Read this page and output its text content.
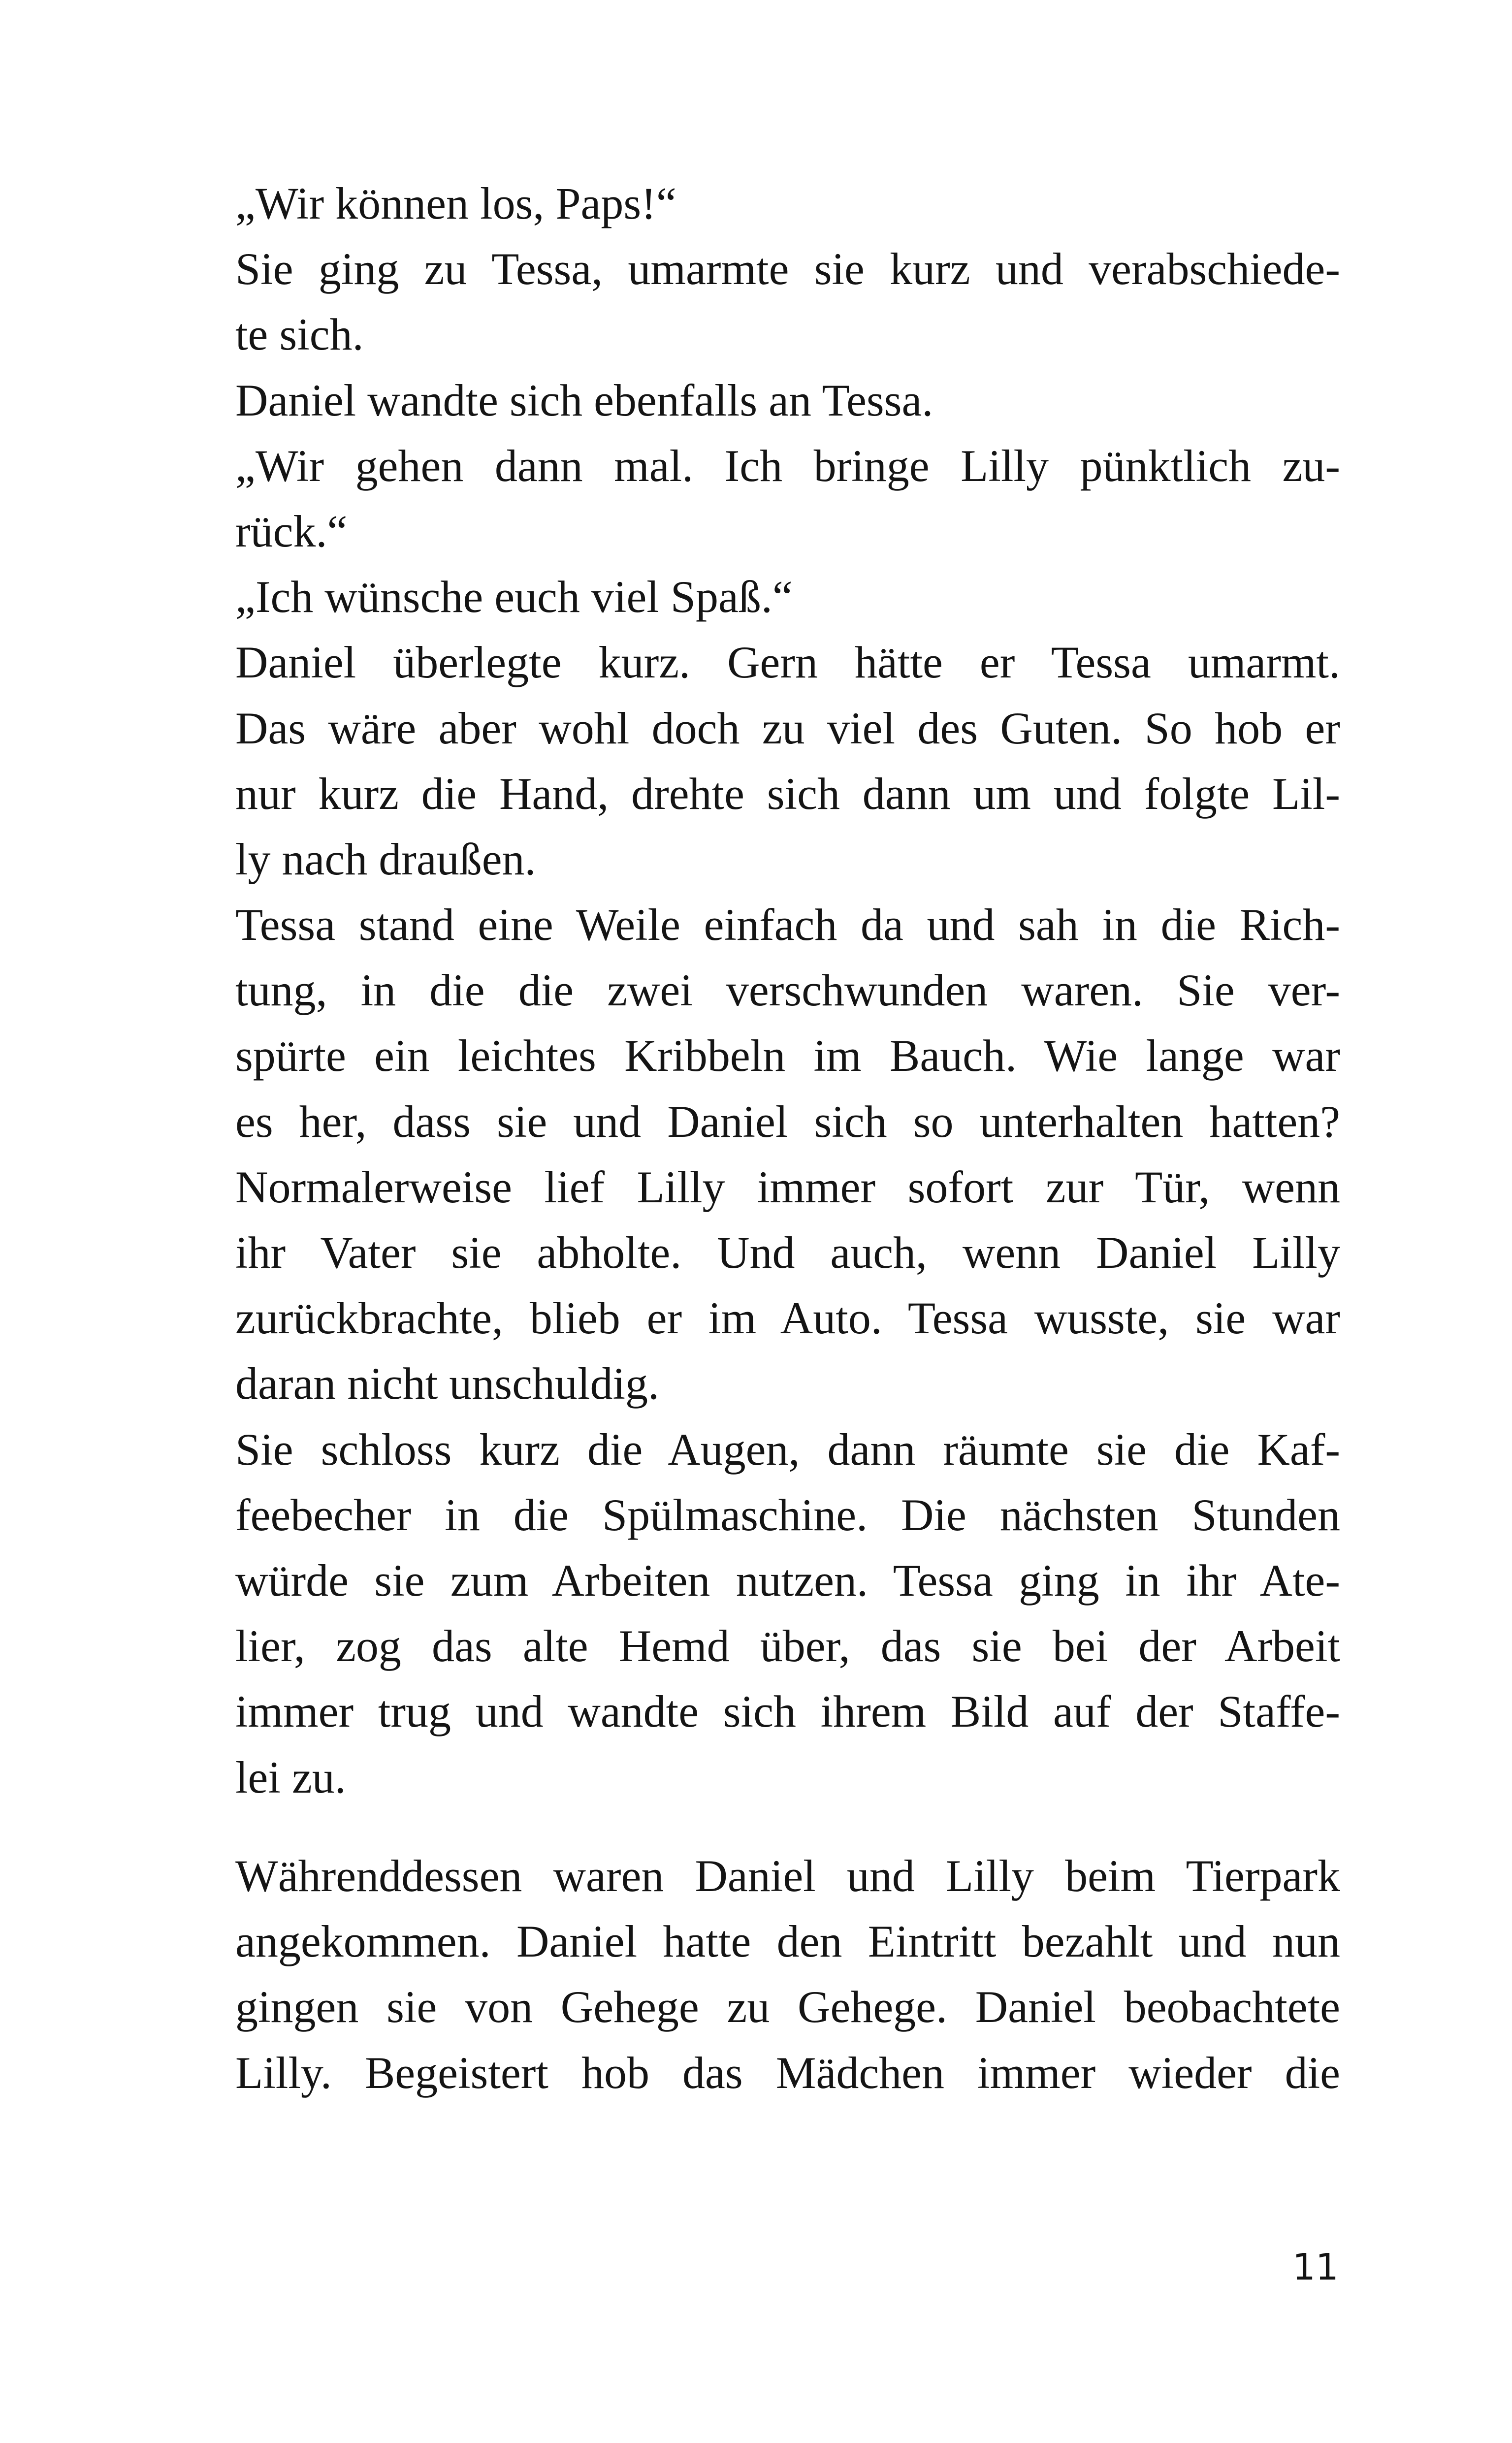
„Wir können los, Paps!“
Sie ging zu Tessa, umarmte sie kurz und verabschiede-
te sich.
Daniel wandte sich ebenfalls an Tessa.
„Wir gehen dann mal. Ich bringe Lilly pünktlich zu-
rück.“
„Ich wünsche euch viel Spaß.“
Daniel überlegte kurz. Gern hätte er Tessa umarmt.
Das wäre aber wohl doch zu viel des Guten. So hob er
nur kurz die Hand, drehte sich dann um und folgte Lil-
ly nach draußen.
Tessa stand eine Weile einfach da und sah in die Rich-
tung, in die die zwei verschwunden waren. Sie ver-
spürte ein leichtes Kribbeln im Bauch. Wie lange war
es her, dass sie und Daniel sich so unterhalten hatten?
Normalerweise lief Lilly immer sofort zur Tür, wenn
ihr Vater sie abholte. Und auch, wenn Daniel Lilly
zurückbrachte, blieb er im Auto. Tessa wusste, sie war
daran nicht unschuldig.
Sie schloss kurz die Augen, dann räumte sie die Kaf-
feebecher in die Spülmaschine. Die nächsten Stunden
würde sie zum Arbeiten nutzen. Tessa ging in ihr Ate-
lier, zog das alte Hemd über, das sie bei der Arbeit
immer trug und wandte sich ihrem Bild auf der Staffe-
lei zu.
Währenddessen waren Daniel und Lilly beim Tierpark
angekommen. Daniel hatte den Eintritt bezahlt und nun
gingen sie von Gehege zu Gehege. Daniel beobachtete
Lilly. Begeistert hob das Mädchen immer wieder die
11
